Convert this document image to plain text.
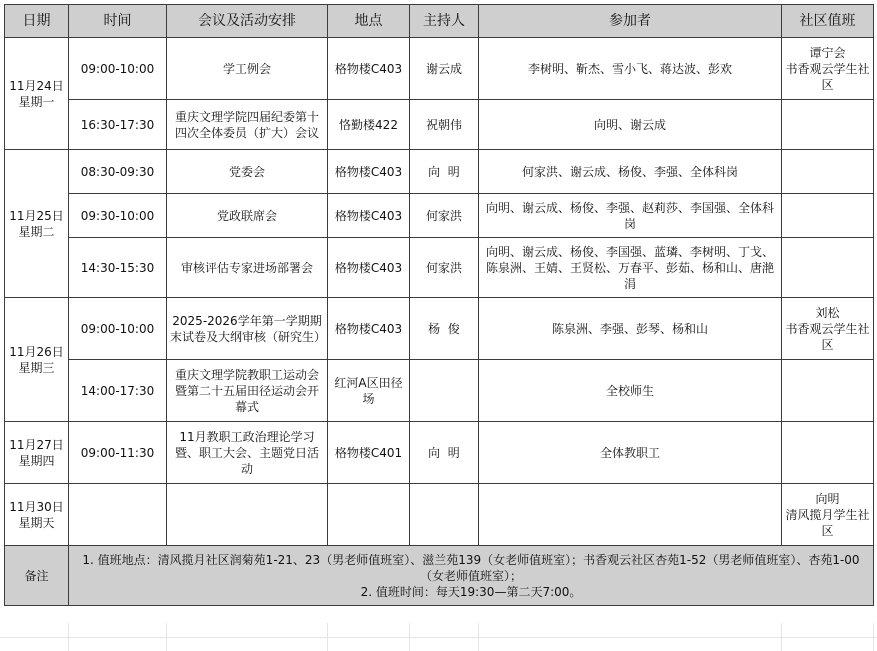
日期	时间	会议及活动安排	地点	主持人	参加者	社区值班

11月24日
星期一	09:00-10:00	学工例会	格物楼C403	谢云成	李树明、靳杰、雪小飞、蒋达波、彭欢	谭宁会
书香观云学生社区

	16:30-17:30	重庆文理学院四届纪委第十四次全体委员（扩大）会议	恪勤楼422	祝朝伟	向明、谢云成	

11月25日
星期二	08:30-09:30	党委会	格物楼C403	向  明	何家洪、谢云成、杨俊、李强、全体科岗	
	09:30-10:00	党政联席会	格物楼C403	何家洪	向明、谢云成、杨俊、李强、赵莉莎、李国强、全体科岗	
	14:30-15:30	审核评估专家进场部署会	格物楼C403	何家洪	向明、谢云成、杨俊、李国强、蓝璘、李树明、丁戈、陈泉洲、王婧、王贤松、万春平、彭茹、杨和山、唐滟涓	

11月26日
星期三	09:00-10:00	2025-2026学年第一学期期末试卷及大纲审核（研究生）	格物楼C403	杨  俊	陈泉洲、李强、彭琴、杨和山	刘松
书香观云学生社区

	14:00-17:30	重庆文理学院教职工运动会暨第二十五届田径运动会开幕式	红河A区田径场		全校师生	

11月27日
星期四	09:00-11:30	11月教职工政治理论学习暨、职工大会、主题党日活动	格物楼C401	向  明	全体教职工	

11月30日
星期天						向明
清风揽月学生社区

备注	1. 值班地点：清风揽月社区润菊苑1-21、23（男老师值班室）、滋兰苑139（女老师值班室）；书香观云社区杏苑1-52（男老师值班室）、杏苑1-00（女老师值班室）；
2. 值班时间：每天19:30—第二天7:00。					
